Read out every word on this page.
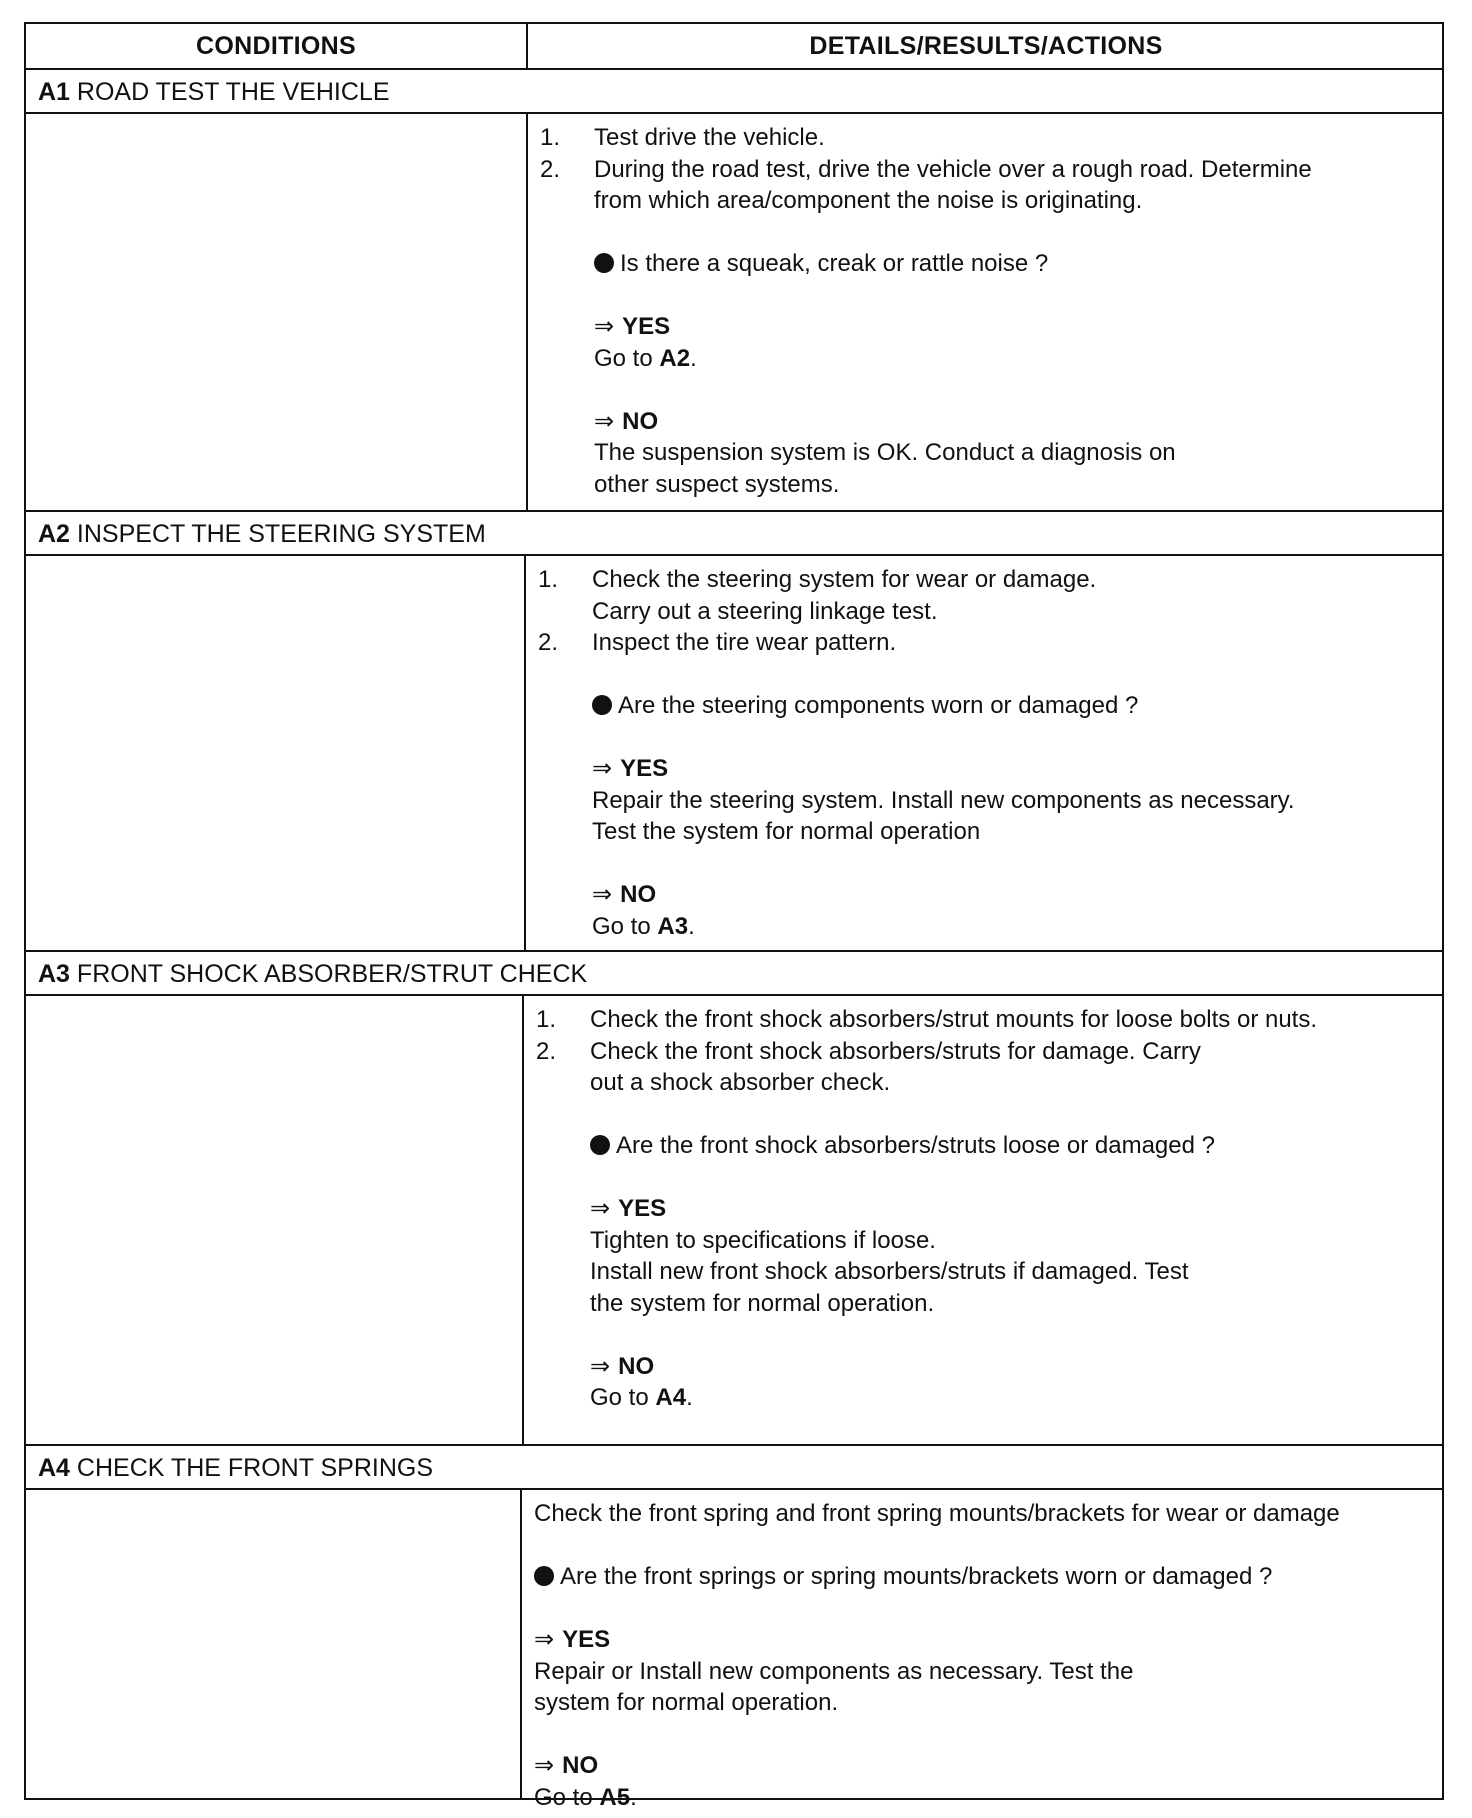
CONDITIONS	DETAILS/RESULTS/ACTIONS
A1 ROAD TEST THE VEHICLE
1. Test drive the vehicle.
2. During the road test, drive the vehicle over a rough road. Determine
from which area/component the noise is originating.
Is there a squeak, creak or rattle noise ?
⇒ YES
Go to A2.
⇒ NO
The suspension system is OK. Conduct a diagnosis on
other suspect systems.
A2 INSPECT THE STEERING SYSTEM
1. Check the steering system for wear or damage.
Carry out a steering linkage test.
2. Inspect the tire wear pattern.
Are the steering components worn or damaged ?
⇒ YES
Repair the steering system. Install new components as necessary.
Test the system for normal operation
⇒ NO
Go to A3.
A3 FRONT SHOCK ABSORBER/STRUT CHECK
1. Check the front shock absorbers/strut mounts for loose bolts or nuts.
2. Check the front shock absorbers/struts for damage. Carry
out a shock absorber check.
Are the front shock absorbers/struts loose or damaged ?
⇒ YES
Tighten to specifications if loose.
Install new front shock absorbers/struts if damaged. Test
the system for normal operation.
⇒ NO
Go to A4.
A4 CHECK THE FRONT SPRINGS
Check the front spring and front spring mounts/brackets for wear or damage
Are the front springs or spring mounts/brackets worn or damaged ?
⇒ YES
Repair or Install new components as necessary. Test the
system for normal operation.
⇒ NO
Go to A5.
